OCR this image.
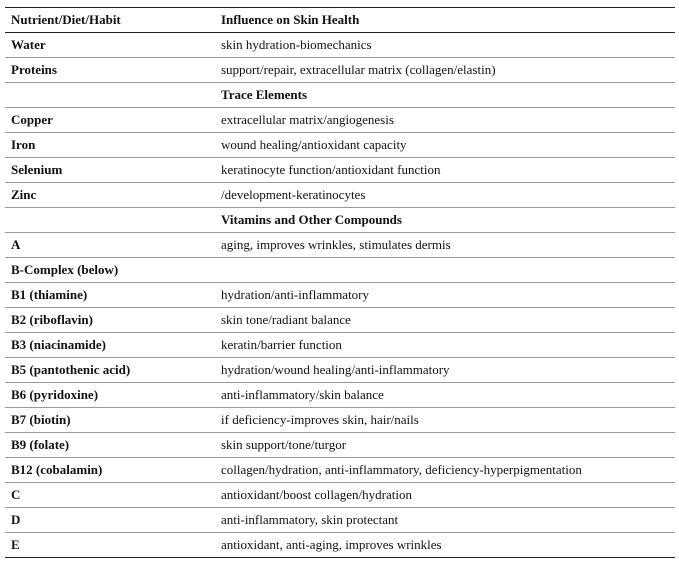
Nutrient/Diet/Habit	Influence on Skin Health
Water	skin hydration-biomechanics
Proteins	support/repair, extracellular matrix (collagen/elastin)
	Trace Elements
Copper	extracellular matrix/angiogenesis
Iron	wound healing/antioxidant capacity
Selenium	keratinocyte function/antioxidant function
Zinc	/development-keratinocytes
	Vitamins and Other Compounds
A	aging, improves wrinkles, stimulates dermis
B-Complex (below)	
B1 (thiamine)	hydration/anti-inflammatory
B2 (riboflavin)	skin tone/radiant balance
B3 (niacinamide)	keratin/barrier function
B5 (pantothenic acid)	hydration/wound healing/anti-inflammatory
B6 (pyridoxine)	anti-inflammatory/skin balance
B7 (biotin)	if deficiency-improves skin, hair/nails
B9 (folate)	skin support/tone/turgor
B12 (cobalamin)	collagen/hydration, anti-inflammatory, deficiency-hyperpigmentation
C	antioxidant/boost collagen/hydration
D	anti-inflammatory, skin protectant
E	antioxidant, anti-aging, improves wrinkles
